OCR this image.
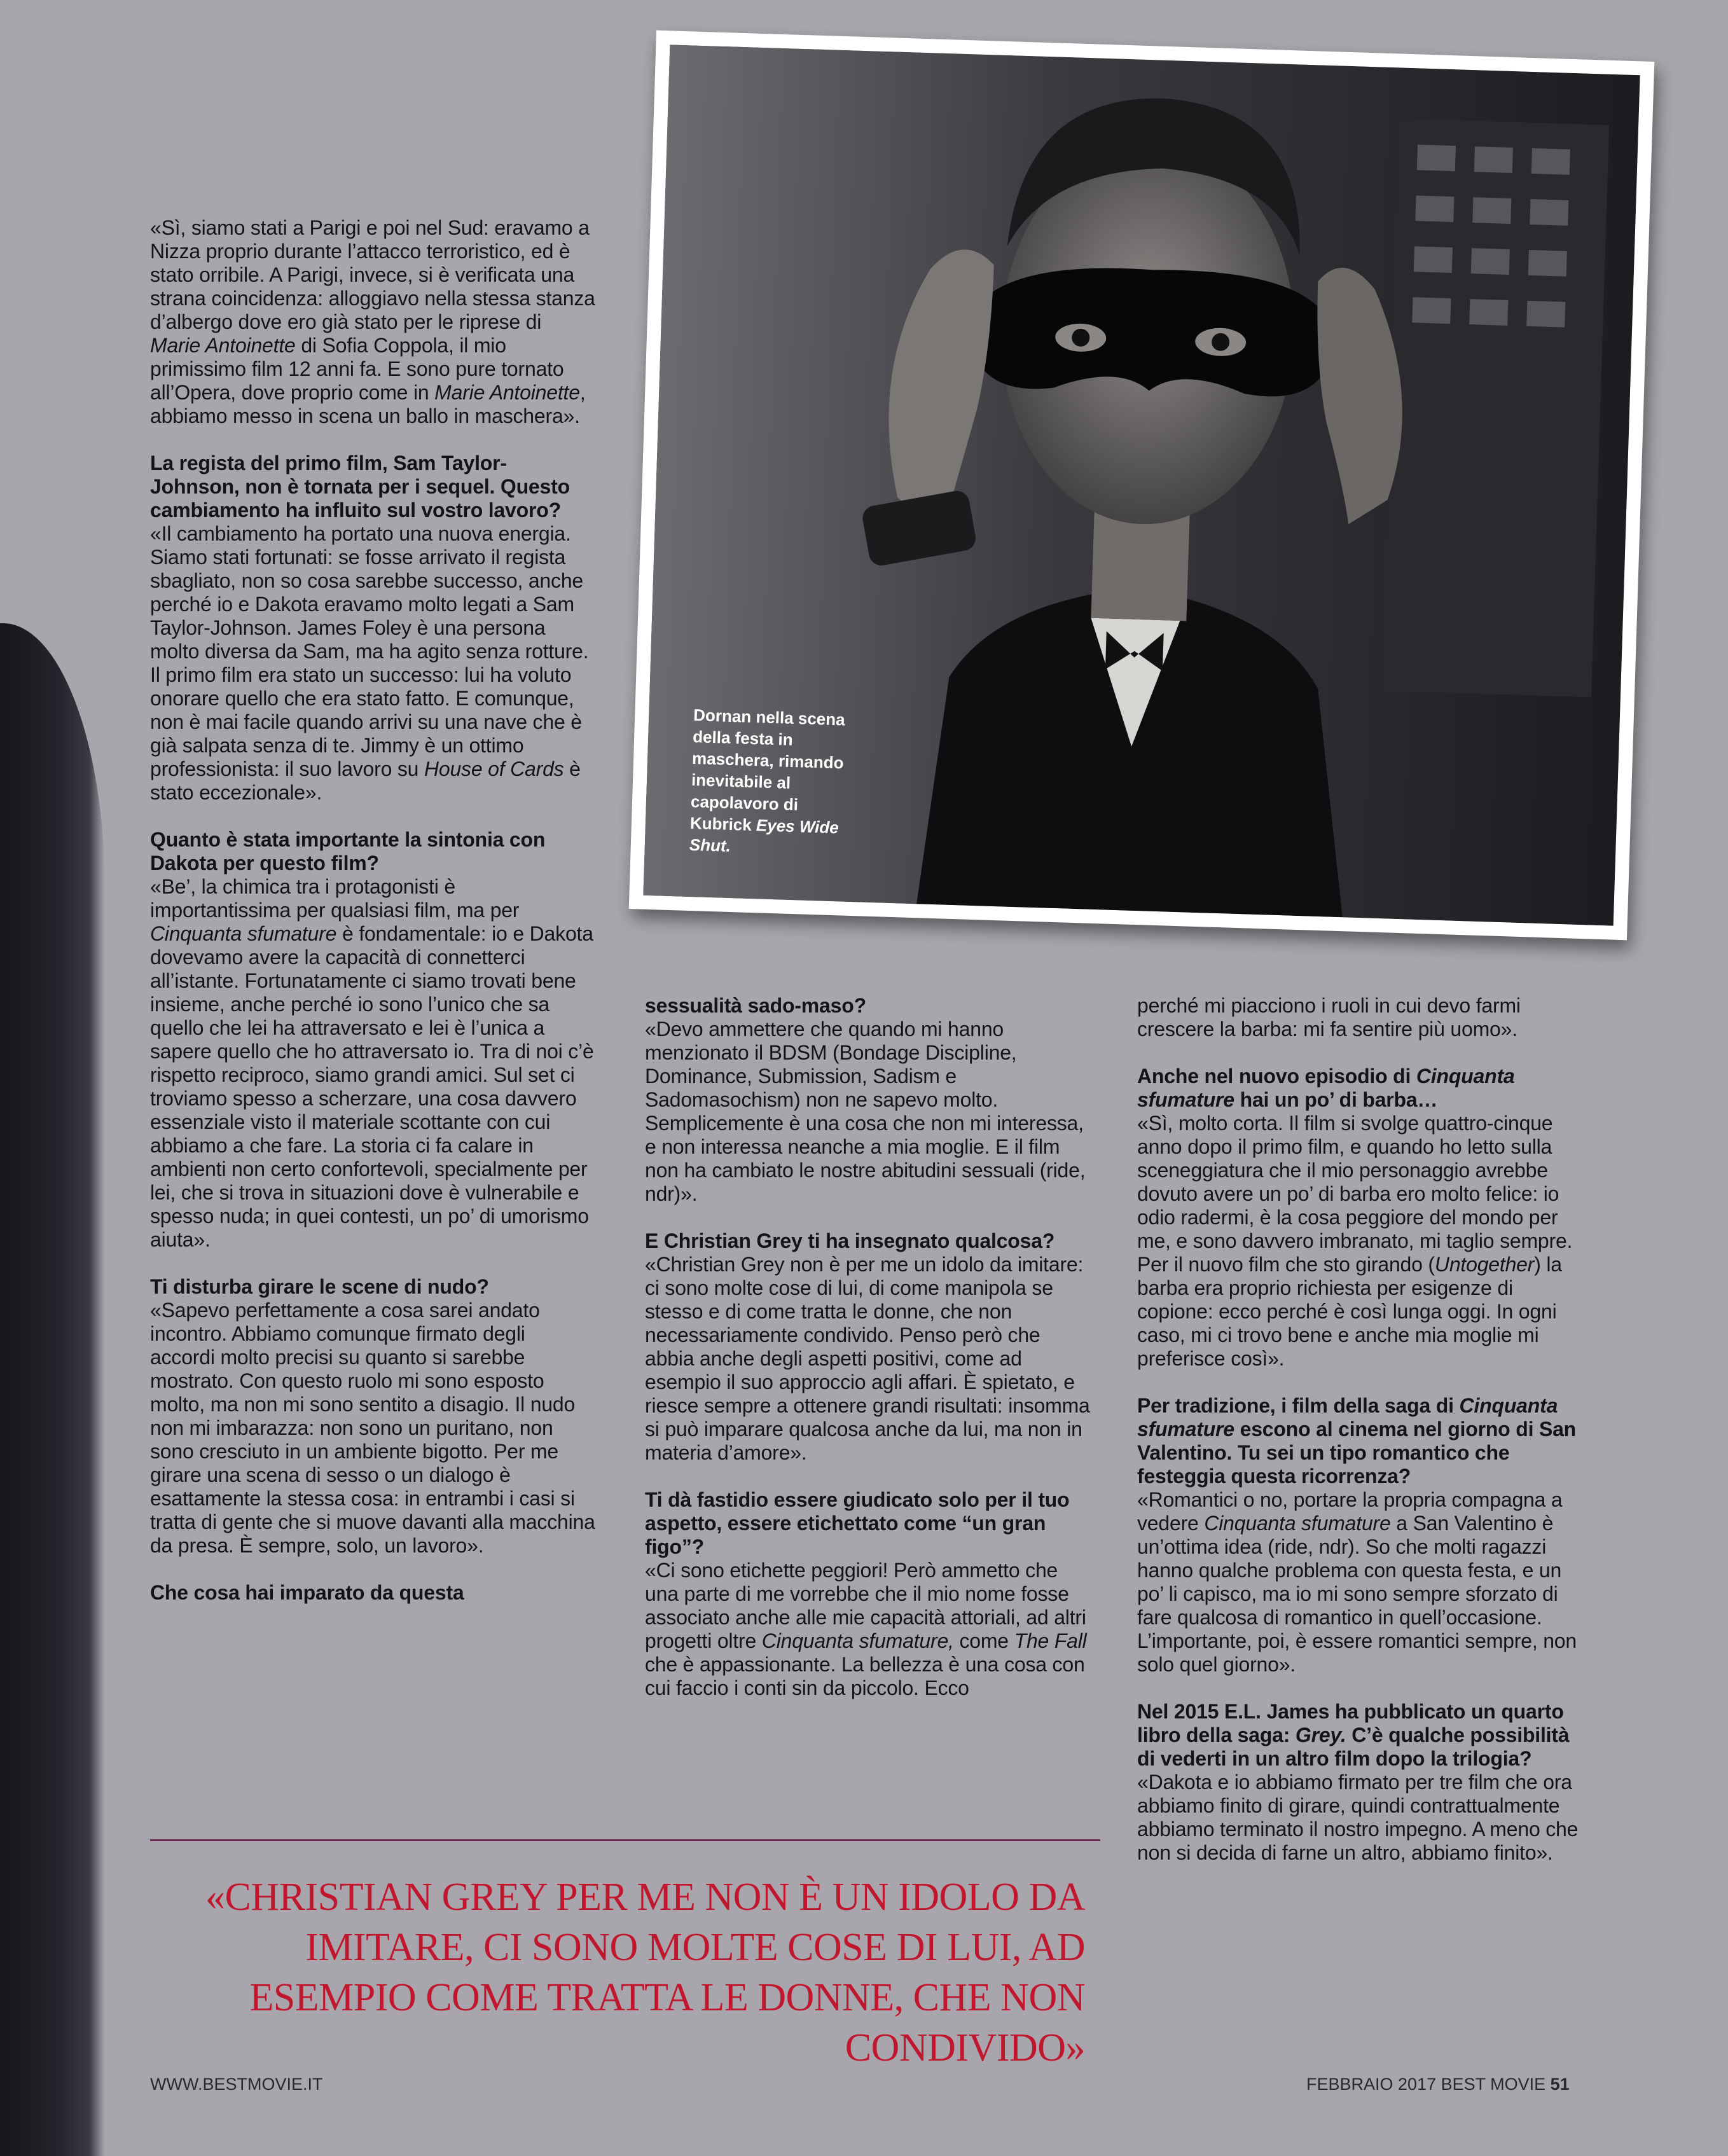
Dornan nella scena della festa in maschera, rimando inevitabile al capolavoro di Kubrick Eyes Wide Shut.

«Sì, siamo stati a Parigi e poi nel Sud: eravamo a Nizza proprio durante l’attacco terroristico, ed è stato orribile. A Parigi, invece, si è verificata una strana coincidenza: alloggiavo nella stessa stanza d’albergo dove ero già stato per le riprese di Marie Antoinette di Sofia Coppola, il mio primissimo film 12 anni fa. E sono pure tornato all’Opera, dove proprio come in Marie Antoinette, abbiamo messo in scena un ballo in maschera».

La regista del primo film, Sam Taylor-Johnson, non è tornata per i sequel. Questo cambiamento ha influito sul vostro lavoro?
«Il cambiamento ha portato una nuova energia. Siamo stati fortunati: se fosse arrivato il regista sbagliato, non so cosa sarebbe successo, anche perché io e Dakota eravamo molto legati a Sam Taylor-Johnson. James Foley è una persona molto diversa da Sam, ma ha agito senza rotture. Il primo film era stato un successo: lui ha voluto onorare quello che era stato fatto. E comunque, non è mai facile quando arrivi su una nave che è già salpata senza di te. Jimmy è un ottimo professionista: il suo lavoro su House of Cards è stato eccezionale».

Quanto è stata importante la sintonia con Dakota per questo film?
«Be’, la chimica tra i protagonisti è importantissima per qualsiasi film, ma per Cinquanta sfumature è fondamentale: io e Dakota dovevamo avere la capacità di connetterci all’istante. Fortunatamente ci siamo trovati bene insieme, anche perché io sono l’unico che sa quello che lei ha attraversato e lei è l’unica a sapere quello che ho attraversato io. Tra di noi c’è rispetto reciproco, siamo grandi amici. Sul set ci troviamo spesso a scherzare, una cosa davvero essenziale visto il materiale scottante con cui abbiamo a che fare. La storia ci fa calare in ambienti non certo confortevoli, specialmente per lei, che si trova in situazioni dove è vulnerabile e spesso nuda; in quei contesti, un po’ di umorismo aiuta».

Ti disturba girare le scene di nudo?
«Sapevo perfettamente a cosa sarei andato incontro. Abbiamo comunque firmato degli accordi molto precisi su quanto si sarebbe mostrato. Con questo ruolo mi sono esposto molto, ma non mi sono sentito a disagio. Il nudo non mi imbarazza: non sono un puritano, non sono cresciuto in un ambiente bigotto. Per me girare una scena di sesso o un dialogo è esattamente la stessa cosa: in entrambi i casi si tratta di gente che si muove davanti alla macchina da presa. È sempre, solo, un lavoro».

Che cosa hai imparato da questa

sessualità sado-maso?
«Devo ammettere che quando mi hanno menzionato il BDSM (Bondage Discipline, Dominance, Submission, Sadism e Sadomasochism) non ne sapevo molto. Semplicemente è una cosa che non mi interessa, e non interessa neanche a mia moglie. E il film non ha cambiato le nostre abitudini sessuali (ride, ndr)».

E Christian Grey ti ha insegnato qualcosa?
«Christian Grey non è per me un idolo da imitare: ci sono molte cose di lui, di come manipola se stesso e di come tratta le donne, che non necessariamente condivido. Penso però che abbia anche degli aspetti positivi, come ad esempio il suo approccio agli affari. È spietato, e riesce sempre a ottenere grandi risultati: insomma si può imparare qualcosa anche da lui, ma non in materia d’amore».

Ti dà fastidio essere giudicato solo per il tuo aspetto, essere etichettato come “un gran figo”?
«Ci sono etichette peggiori! Però ammetto che una parte di me vorrebbe che il mio nome fosse associato anche alle mie capacità attoriali, ad altri progetti oltre Cinquanta sfumature, come The Fall che è appassionante. La bellezza è una cosa con cui faccio i conti sin da piccolo. Ecco

perché mi piacciono i ruoli in cui devo farmi crescere la barba: mi fa sentire più uomo».

Anche nel nuovo episodio di Cinquanta sfumature hai un po’ di barba…
«Sì, molto corta. Il film si svolge quattro-cinque anno dopo il primo film, e quando ho letto sulla sceneggiatura che il mio personaggio avrebbe dovuto avere un po’ di barba ero molto felice: io odio radermi, è la cosa peggiore del mondo per me, e sono davvero imbranato, mi taglio sempre. Per il nuovo film che sto girando (Untogether) la barba era proprio richiesta per esigenze di copione: ecco perché è così lunga oggi. In ogni caso, mi ci trovo bene e anche mia moglie mi preferisce così».

Per tradizione, i film della saga di Cinquanta sfumature escono al cinema nel giorno di San Valentino. Tu sei un tipo romantico che festeggia questa ricorrenza?
«Romantici o no, portare la propria compagna a vedere Cinquanta sfumature a San Valentino è un’ottima idea (ride, ndr). So che molti ragazzi hanno qualche problema con questa festa, e un po’ li capisco, ma io mi sono sempre sforzato di fare qualcosa di romantico in quell’occasione. L’importante, poi, è essere romantici sempre, non solo quel giorno».

Nel 2015 E.L. James ha pubblicato un quarto libro della saga: Grey. C’è qualche possibilità di vederti in un altro film dopo la trilogia?
«Dakota e io abbiamo firmato per tre film che ora abbiamo finito di girare, quindi contrattualmente abbiamo terminato il nostro impegno. A meno che non si decida di farne un altro, abbiamo finito».

«CHRISTIAN GREY PER ME NON È UN IDOLO DA IMITARE, CI SONO MOLTE COSE DI LUI, AD ESEMPIO COME TRATTA LE DONNE, CHE NON CONDIVIDO»
WWW.BESTMOVIE.IT	FEBBRAIO 2017 BEST MOVIE 51
